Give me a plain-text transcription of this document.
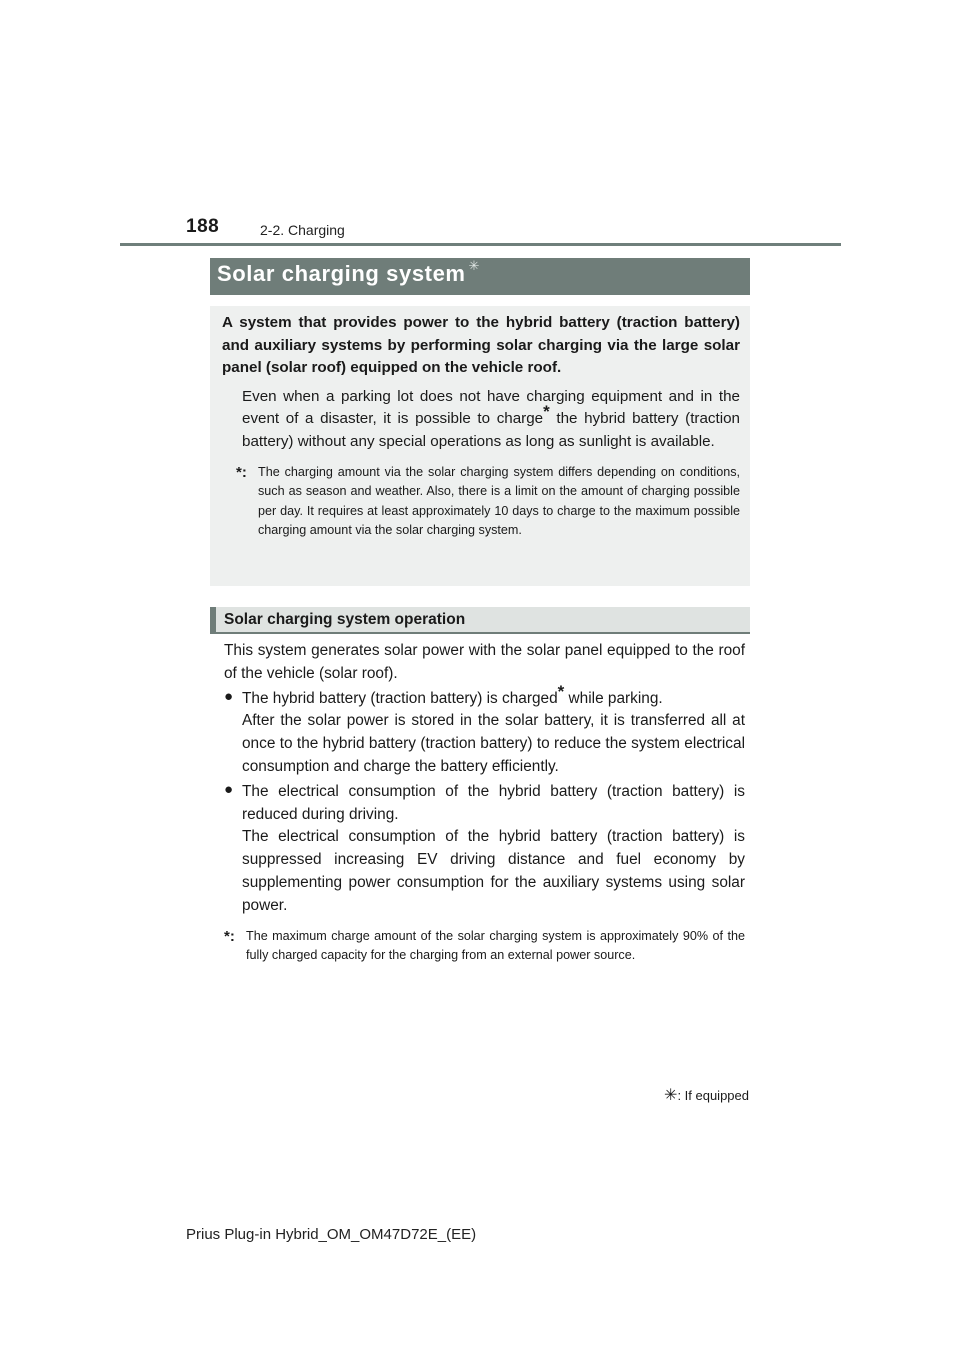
188	2-2. Charging
Solar charging system ✳

A system that provides power to the hybrid battery (traction battery) and auxiliary systems by performing solar charging via the large solar panel (solar roof) equipped on the vehicle roof.

Even when a parking lot does not have charging equipment and in the event of a disaster, it is possible to charge* the hybrid battery (traction battery) without any special operations as long as sunlight is available.

*: The charging amount via the solar charging system differs depending on conditions, such as season and weather. Also, there is a limit on the amount of charging possible per day. It requires at least approximately 10 days to charge to the maximum possible charging amount via the solar charging system.
Solar charging system operation

This system generates solar power with the solar panel equipped to the roof of the vehicle (solar roof).

● The hybrid battery (traction battery) is charged* while parking.

After the solar power is stored in the solar battery, it is transferred all at once to the hybrid battery (traction battery) to reduce the system electrical consumption and charge the battery efficiently.

● The electrical consumption of the hybrid battery (traction battery) is reduced during driving.

The electrical consumption of the hybrid battery (traction battery) is suppressed increasing EV driving distance and fuel economy by supplementing power consumption for the auxiliary systems using solar power.

*: The maximum charge amount of the solar charging system is approximately 90% of the fully charged capacity for the charging from an external power source.
✳: If equipped
Prius Plug-in Hybrid_OM_OM47D72E_(EE)
